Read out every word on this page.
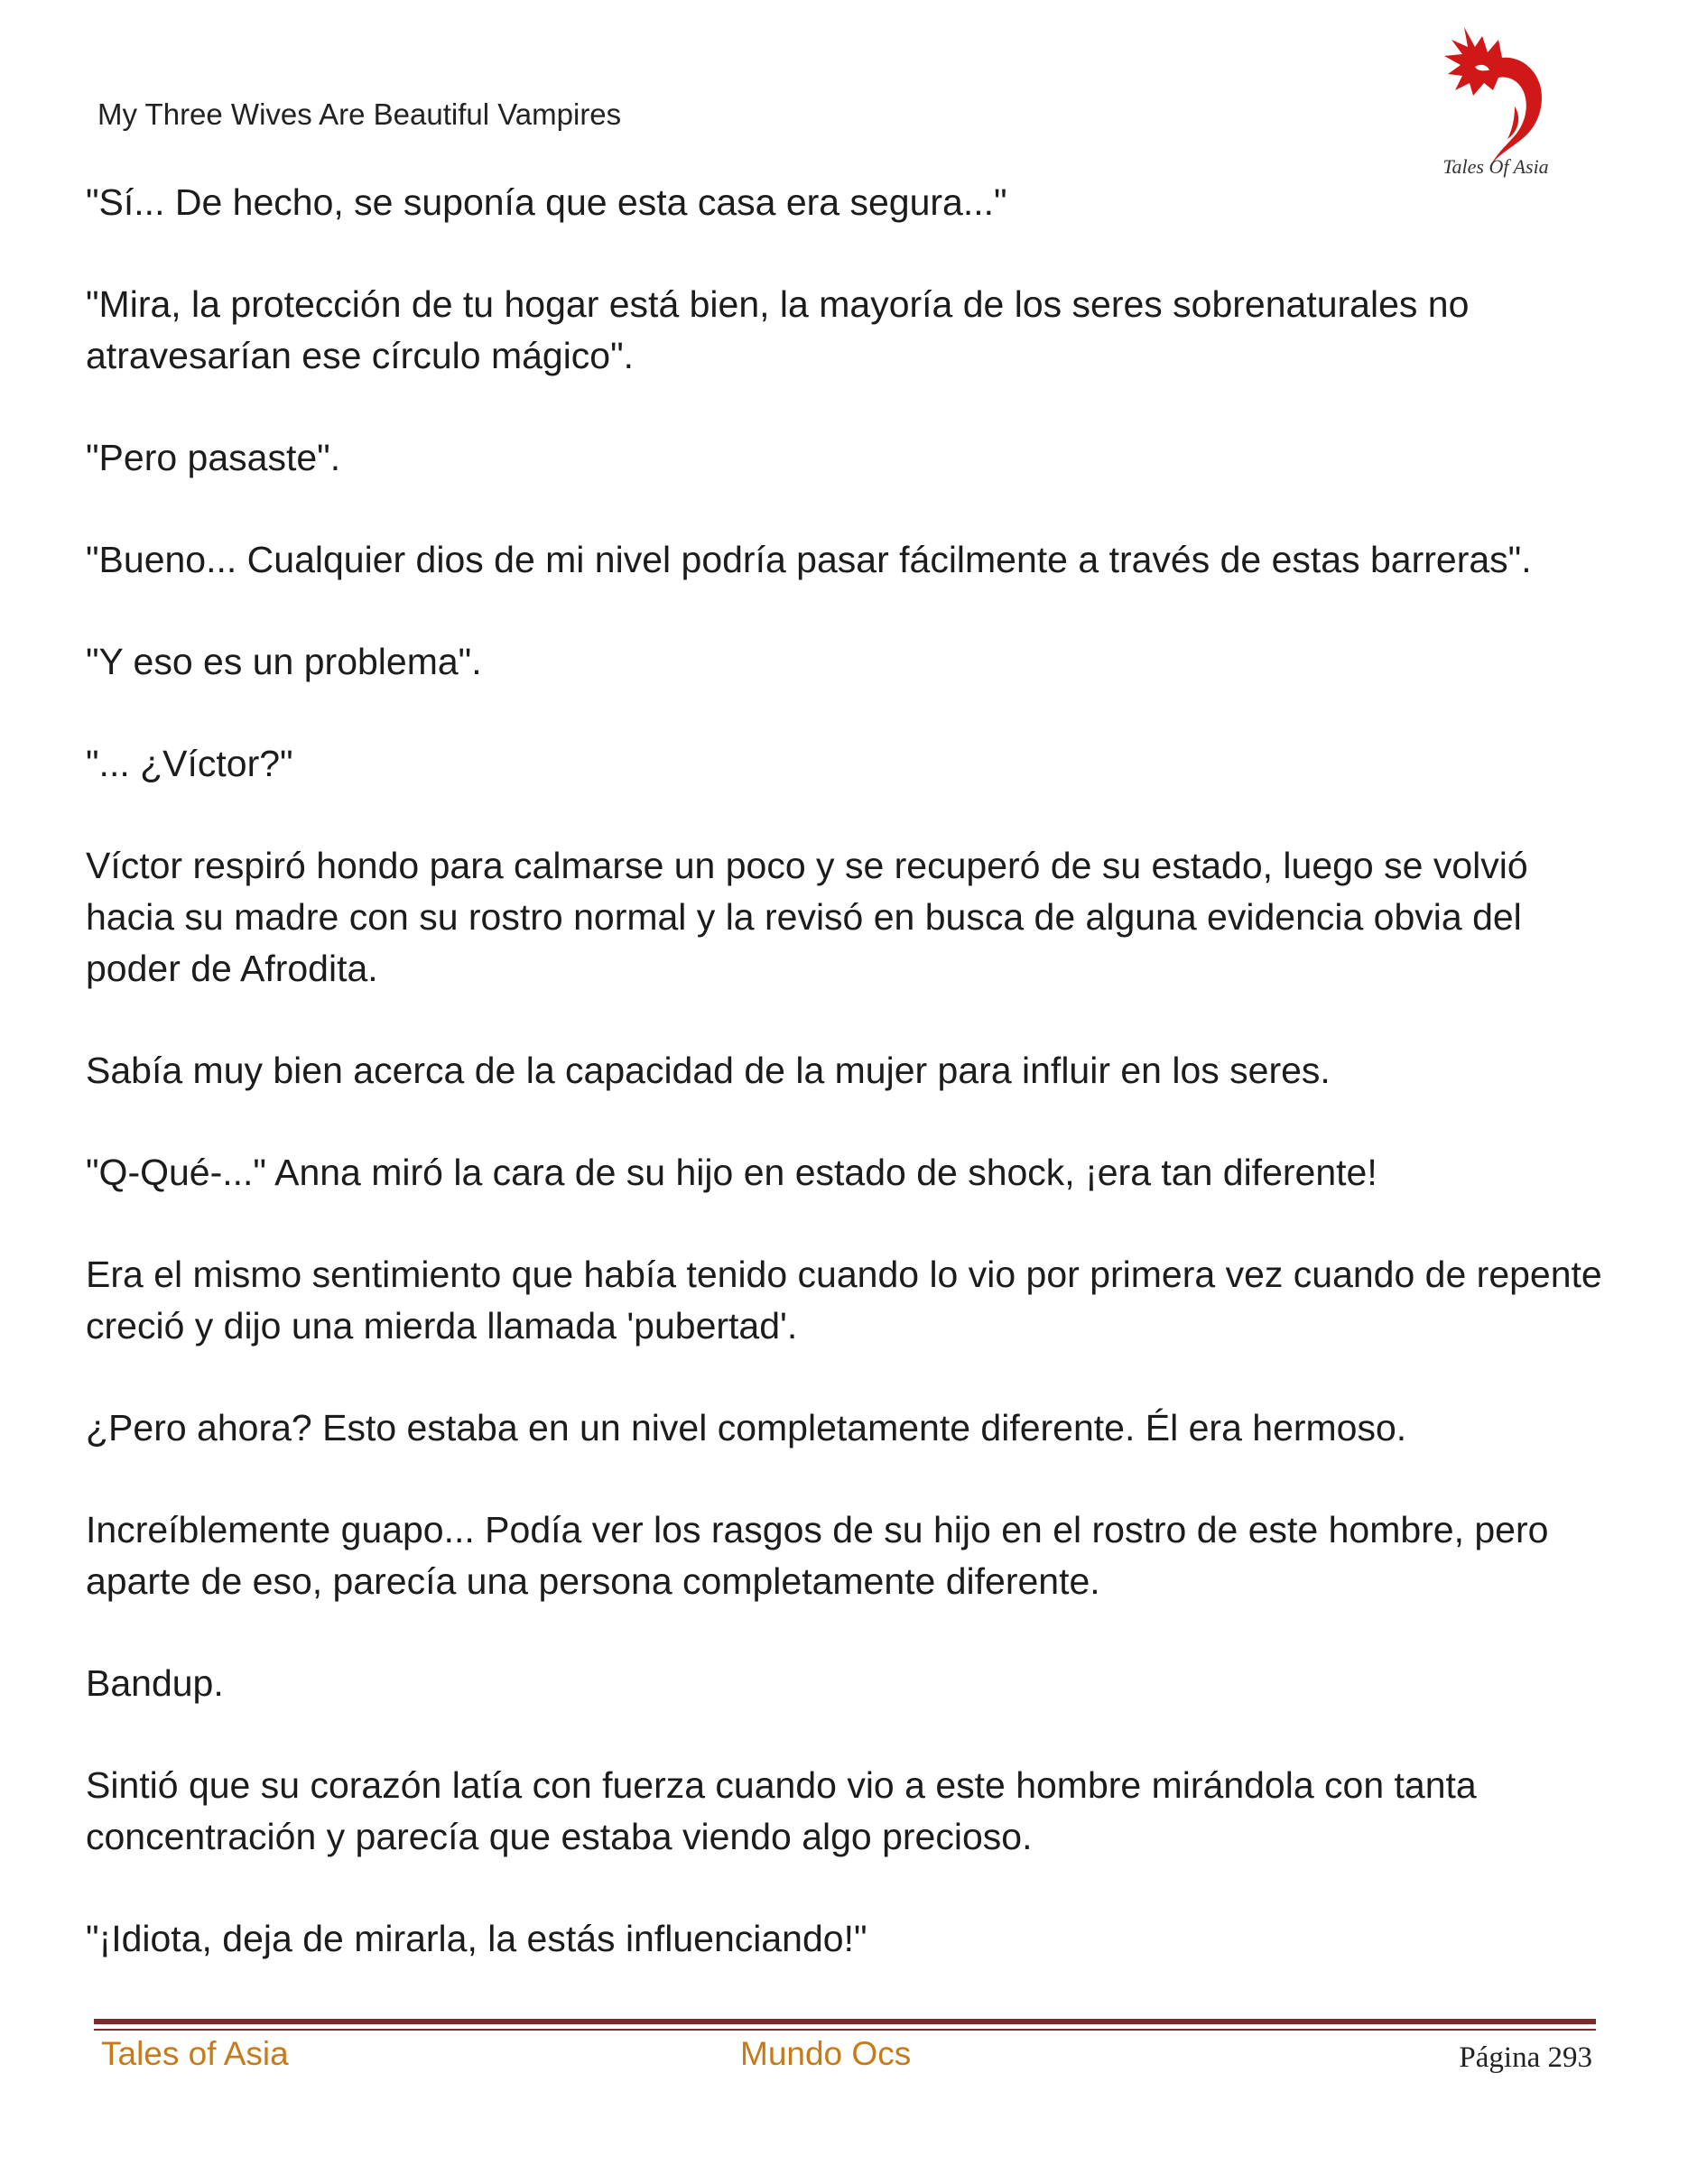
My Three Wives Are Beautiful Vampires
Tales Of Asia

"Sí... De hecho, se suponía que esta casa era segura..."

"Mira, la protección de tu hogar está bien, la mayoría de los seres sobrenaturales no atravesarían ese círculo mágico".

"Pero pasaste".

"Bueno... Cualquier dios de mi nivel podría pasar fácilmente a través de estas barreras".

"Y eso es un problema".

"... ¿Víctor?"

Víctor respiró hondo para calmarse un poco y se recuperó de su estado, luego se volvió hacia su madre con su rostro normal y la revisó en busca de alguna evidencia obvia del poder de Afrodita.

Sabía muy bien acerca de la capacidad de la mujer para influir en los seres.

"Q-Qué-..." Anna miró la cara de su hijo en estado de shock, ¡era tan diferente!

Era el mismo sentimiento que había tenido cuando lo vio por primera vez cuando de repente creció y dijo una mierda llamada 'pubertad'.

¿Pero ahora? Esto estaba en un nivel completamente diferente. Él era hermoso.

Increíblemente guapo... Podía ver los rasgos de su hijo en el rostro de este hombre, pero aparte de eso, parecía una persona completamente diferente.

Bandup.

Sintió que su corazón latía con fuerza cuando vio a este hombre mirándola con tanta concentración y parecía que estaba viendo algo precioso.

"¡Idiota, deja de mirarla, la estás influenciando!"

Tales of Asia	Mundo Ocs	Página 293
